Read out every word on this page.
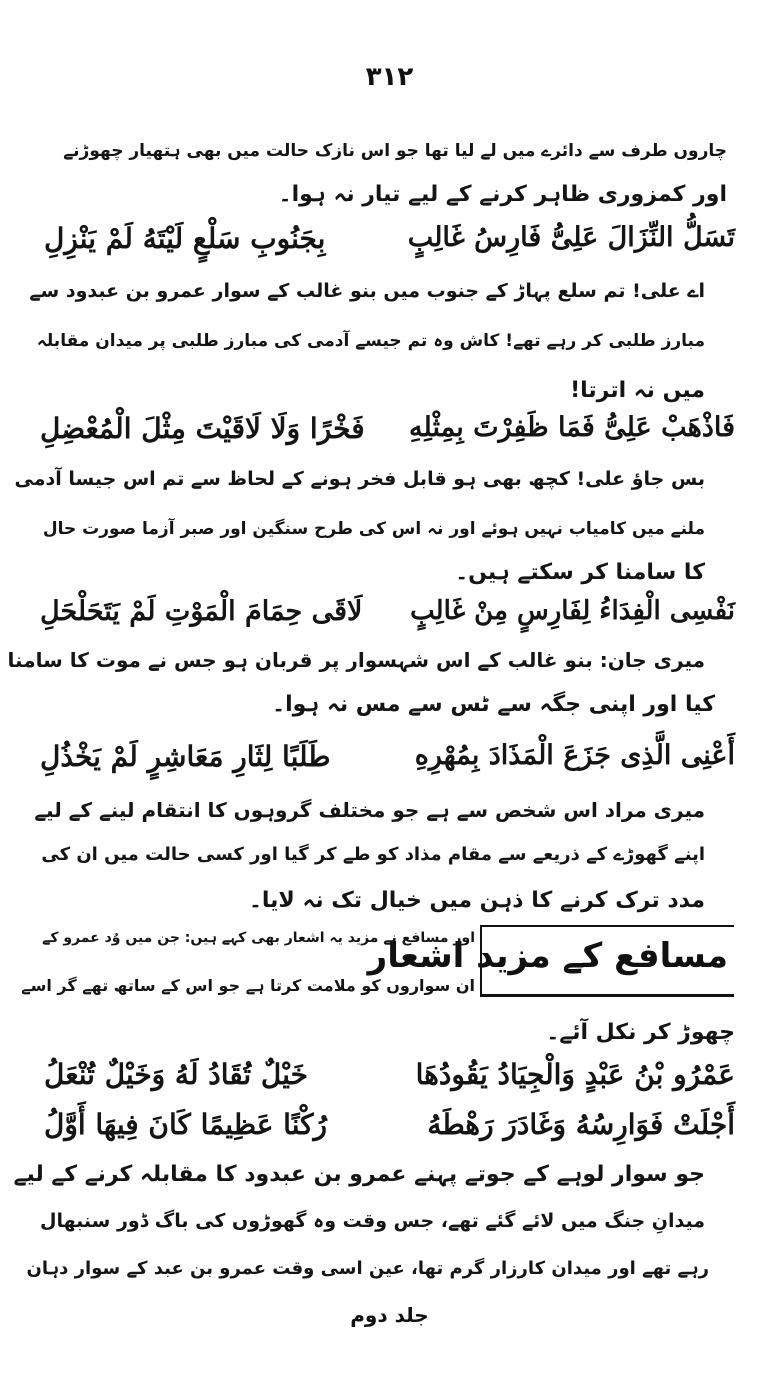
۳۱۲
چاروں طرف سے دائرے میں لے لیا تھا جو اس نازک حالت میں بھی ہتھیار چھوڑنے
اور کمزوری ظاہر کرنے کے لیے تیار نہ ہوا۔
تَسَلُّ النِّزَالَ عَلِیُّ فَارِسُ غَالِبٍ
بِجَنُوبِ سَلْعٍ لَیْتَهُ لَمْ یَنْزِلِ
اے علی! تم سلع پہاڑ کے جنوب میں بنو غالب کے سوار عمرو بن عبدود سے
مبارز طلبی کر رہے تھے! کاش وہ تم جیسے آدمی کی مبارز طلبی پر میدان مقابلہ
میں نہ اترتا!
فَاذْهَبْ عَلِیُّ فَمَا ظَفِرْتَ بِمِثْلِهِ
فَخْرًا وَلَا لَاقَیْتَ مِثْلَ الْمُعْضِلِ
بس جاؤ علی! کچھ بھی ہو قابل فخر ہونے کے لحاظ سے تم اس جیسا آدمی
ملنے میں کامیاب نہیں ہوئے اور نہ اس کی طرح سنگین اور صبر آزما صورت حال
کا سامنا کر سکتے ہیں۔
نَفْسِی الْفِدَاءُ لِفَارِسٍ مِنْ غَالِبٍ
لَاقَی حِمَامَ الْمَوْتِ لَمْ یَتَحَلْحَلِ
میری جان: بنو غالب کے اس شہسوار پر قربان ہو جس نے موت کا سامنا
کیا اور اپنی جگہ سے ٹس سے مس نہ ہوا۔
أَعْنِی الَّذِی جَزَعَ الْمَذَادَ بِمُهْرِهِ
طَلَبًا لِثَارِ مَعَاشِرٍ لَمْ یَخْذُلِ
میری مراد اس شخص سے ہے جو مختلف گروہوں کا انتقام لینے کے لیے
اپنے گھوڑے کے ذریعے سے مقام مذاد کو طے کر گیا اور کسی حالت میں ان کی
مدد ترک کرنے کا ذہن میں خیال تک نہ لایا۔
مسافع کے مزید اشعار
اور مسافع نے مزید یہ اشعار بھی کہے ہیں: جن میں وُد عمرو کے
ان سواروں کو ملامت کرتا ہے جو اس کے ساتھ تھے گر اسے
چھوڑ کر نکل آئے۔
عَمْرُو بْنُ عَبْدٍ وَالْجِیَادُ یَقُودُهَا
خَیْلٌ تُقَادُ لَهُ وَخَیْلٌ تُنْعَلُ
أَجْلَتْ فَوَارِسُهُ وَغَادَرَ رَهْطَهُ
رُكْنًا عَظِیمًا كَانَ فِیهَا أَوَّلُ
جو سوار لوہے کے جوتے پہنے عمرو بن عبدود کا مقابلہ کرنے کے لیے
میدانِ جنگ میں لائے گئے تھے، جس وقت وہ گھوڑوں کی باگ ڈور سنبھال
رہے تھے اور میدان کارزار گرم تھا، عین اسی وقت عمرو بن عبد کے سوار دہان
جلد دوم
